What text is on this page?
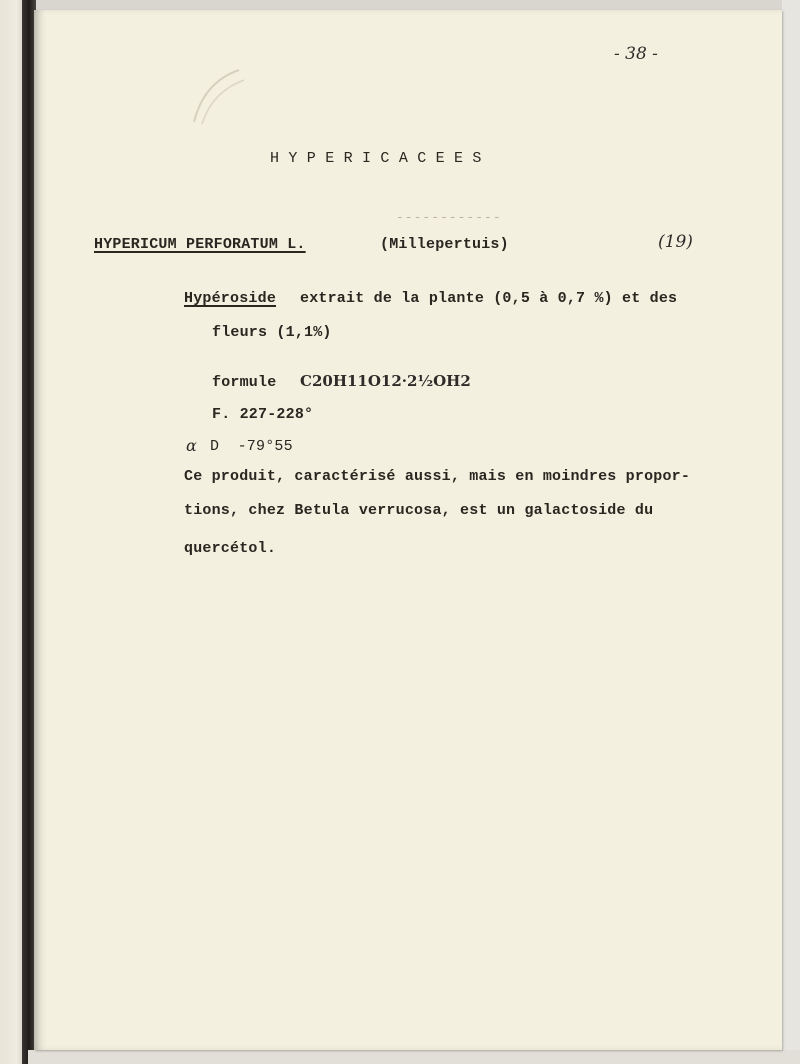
- 38 -
H Y P E R I C A C E E S
------------
HYPERICUM PERFORATUM L.	(Millepertuis)	(19)
Hypéroside extrait de la plante (0,5 à 0,7 %) et des
fleurs (1,1%)
formule C20H11O12·2½OH2
F. 227-228°
α D  -79°55
Ce produit, caractérisé aussi, mais en moindres propor-
tions, chez Betula verrucosa, est un galactoside du
quercétol.
